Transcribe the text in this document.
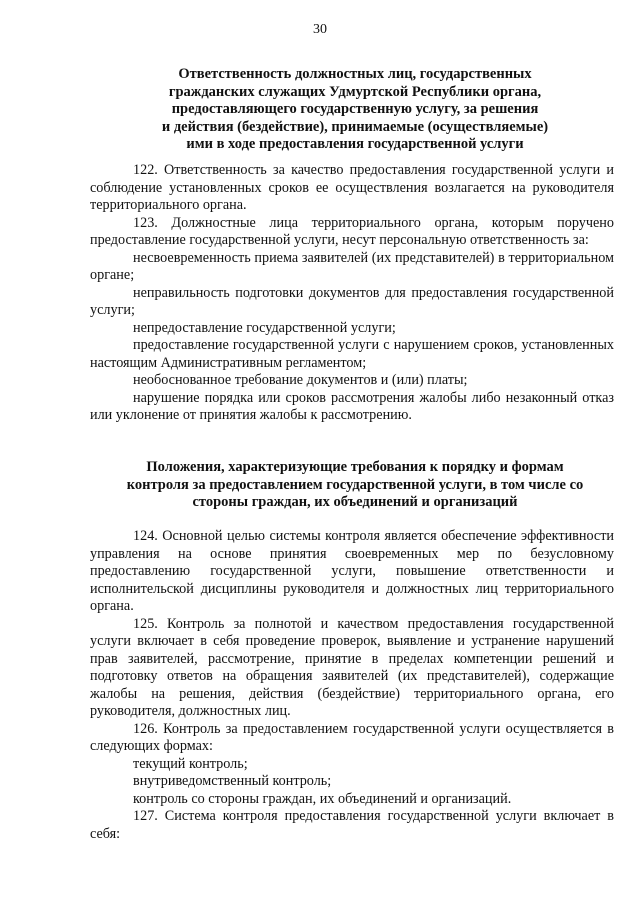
30
Ответственность должностных лиц, государственных
гражданских служащих Удмуртской Республики органа,
предоставляющего государственную услугу, за решения
и действия (бездействие), принимаемые (осуществляемые)
ими в ходе предоставления государственной услуги

122. Ответственность за качество предоставления государственной услуги и соблюдение установленных сроков ее осуществления возлагается на руководителя территориального органа.

123. Должностные лица территориального органа, которым поручено предоставление государственной услуги, несут персональную ответственность за:

несвоевременность приема заявителей (их представителей) в территориальном органе;

неправильность подготовки документов для предоставления государственной услуги;

непредоставление государственной услуги;

предоставление государственной услуги с нарушением сроков, установленных настоящим Административным регламентом;

необоснованное требование документов и (или) платы;

нарушение порядка или сроков рассмотрения жалобы либо незаконный отказ или уклонение от принятия жалобы к рассмотрению.

Положения, характеризующие требования к порядку и формам
контроля за предоставлением государственной услуги, в том числе со
стороны граждан, их объединений и организаций

124. Основной целью системы контроля является обеспечение эффективности управления на основе принятия своевременных мер по безусловному предоставлению государственной услуги, повышение ответственности и исполнительской дисциплины руководителя и должностных лиц территориального органа.

125. Контроль за полнотой и качеством предоставления государственной услуги включает в себя проведение проверок, выявление и устранение нарушений прав заявителей, рассмотрение, принятие в пределах компетенции решений и подготовку ответов на обращения заявителей (их представителей), содержащие жалобы на решения, действия (бездействие) территориального органа, его руководителя, должностных лиц.

126. Контроль за предоставлением государственной услуги осуществляется в следующих формах:

текущий контроль;

внутриведомственный контроль;

контроль со стороны граждан, их объединений и организаций.

127. Система контроля предоставления государственной услуги включает в себя:
